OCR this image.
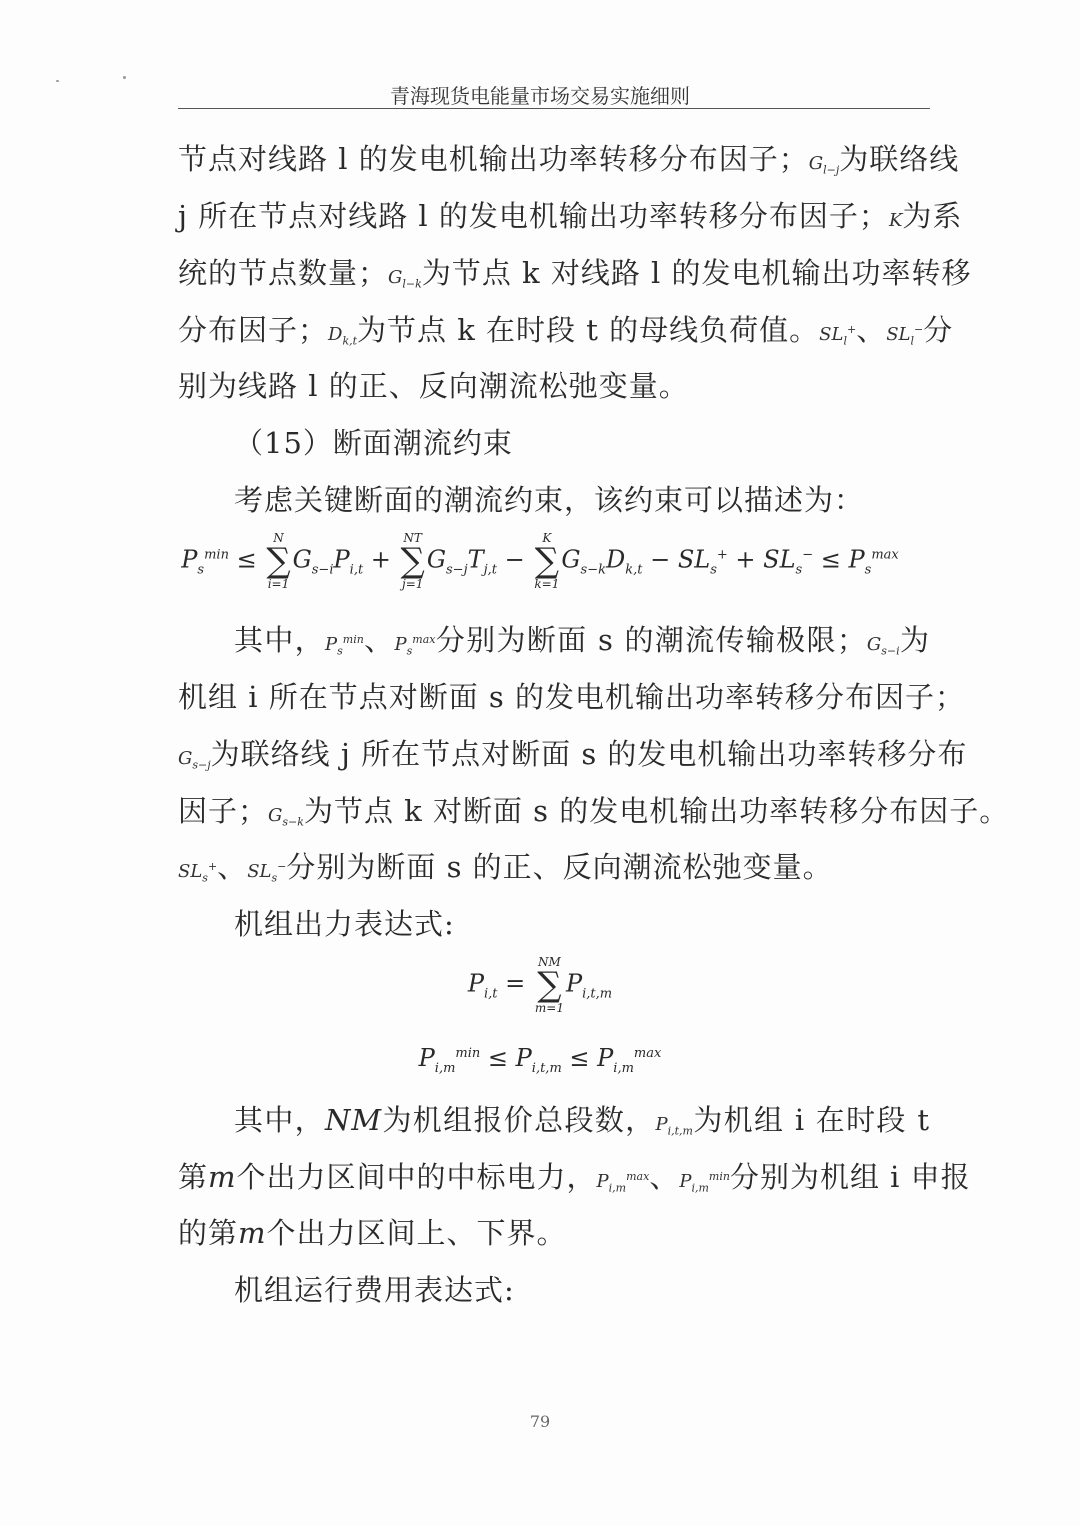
青海现货电能量市场交易实施细则
节点对线路 l 的发电机输出功率转移分布因子；$G_{l-j}$为联络线
j 所在节点对线路 l 的发电机输出功率转移分布因子；K为系
统的节点数量；$G_{l-k}$为节点 k 对线路 l 的发电机输出功率转移
分布因子；$D_{k,t}$为节点 k 在时段 t 的母线负荷值。$SL_l^+$、$SL_l^-$分
别为线路 l 的正、反向潮流松弛变量。
（15）断面潮流约束
考虑关键断面的潮流约束，该约束可以描述为：
$P_s^{min}$ ≤
N
∑
i=1
$G_{s-i}P_{i,t}$ +
NT
∑
j=1
$G_{s-j}T_{j,t}$ −
K
∑
k=1
$G_{s-k}D_{k,t} - SL_s^+ + SL_s^- \le P_s^{max}$
其中，$P_s^{min}$、$P_s^{max}$分别为断面 s 的潮流传输极限；$G_{s-i}$为
机组 i 所在节点对断面 s 的发电机输出功率转移分布因子；
$G_{s-j}$为联络线 j 所在节点对断面 s 的发电机输出功率转移分布
因子；$G_{s-k}$为节点 k 对断面 s 的发电机输出功率转移分布因子。
$SL_s^+$、$SL_s^-$分别为断面 s 的正、反向潮流松弛变量。
机组出力表达式:
$P_{i,t}$ =
NM
∑
m=1
$P_{i,t,m}$
$P_{i,m}^{min} \le P_{i,t,m} \le P_{i,m}^{max}$
其中，NM为机组报价总段数，$P_{i,t,m}$为机组 i 在时段 t
第m个出力区间中的中标电力，$P_{i,m}^{max}$、$P_{i,m}^{min}$分别为机组 i 申报
的第m个出力区间上、下界。
机组运行费用表达式:
79
